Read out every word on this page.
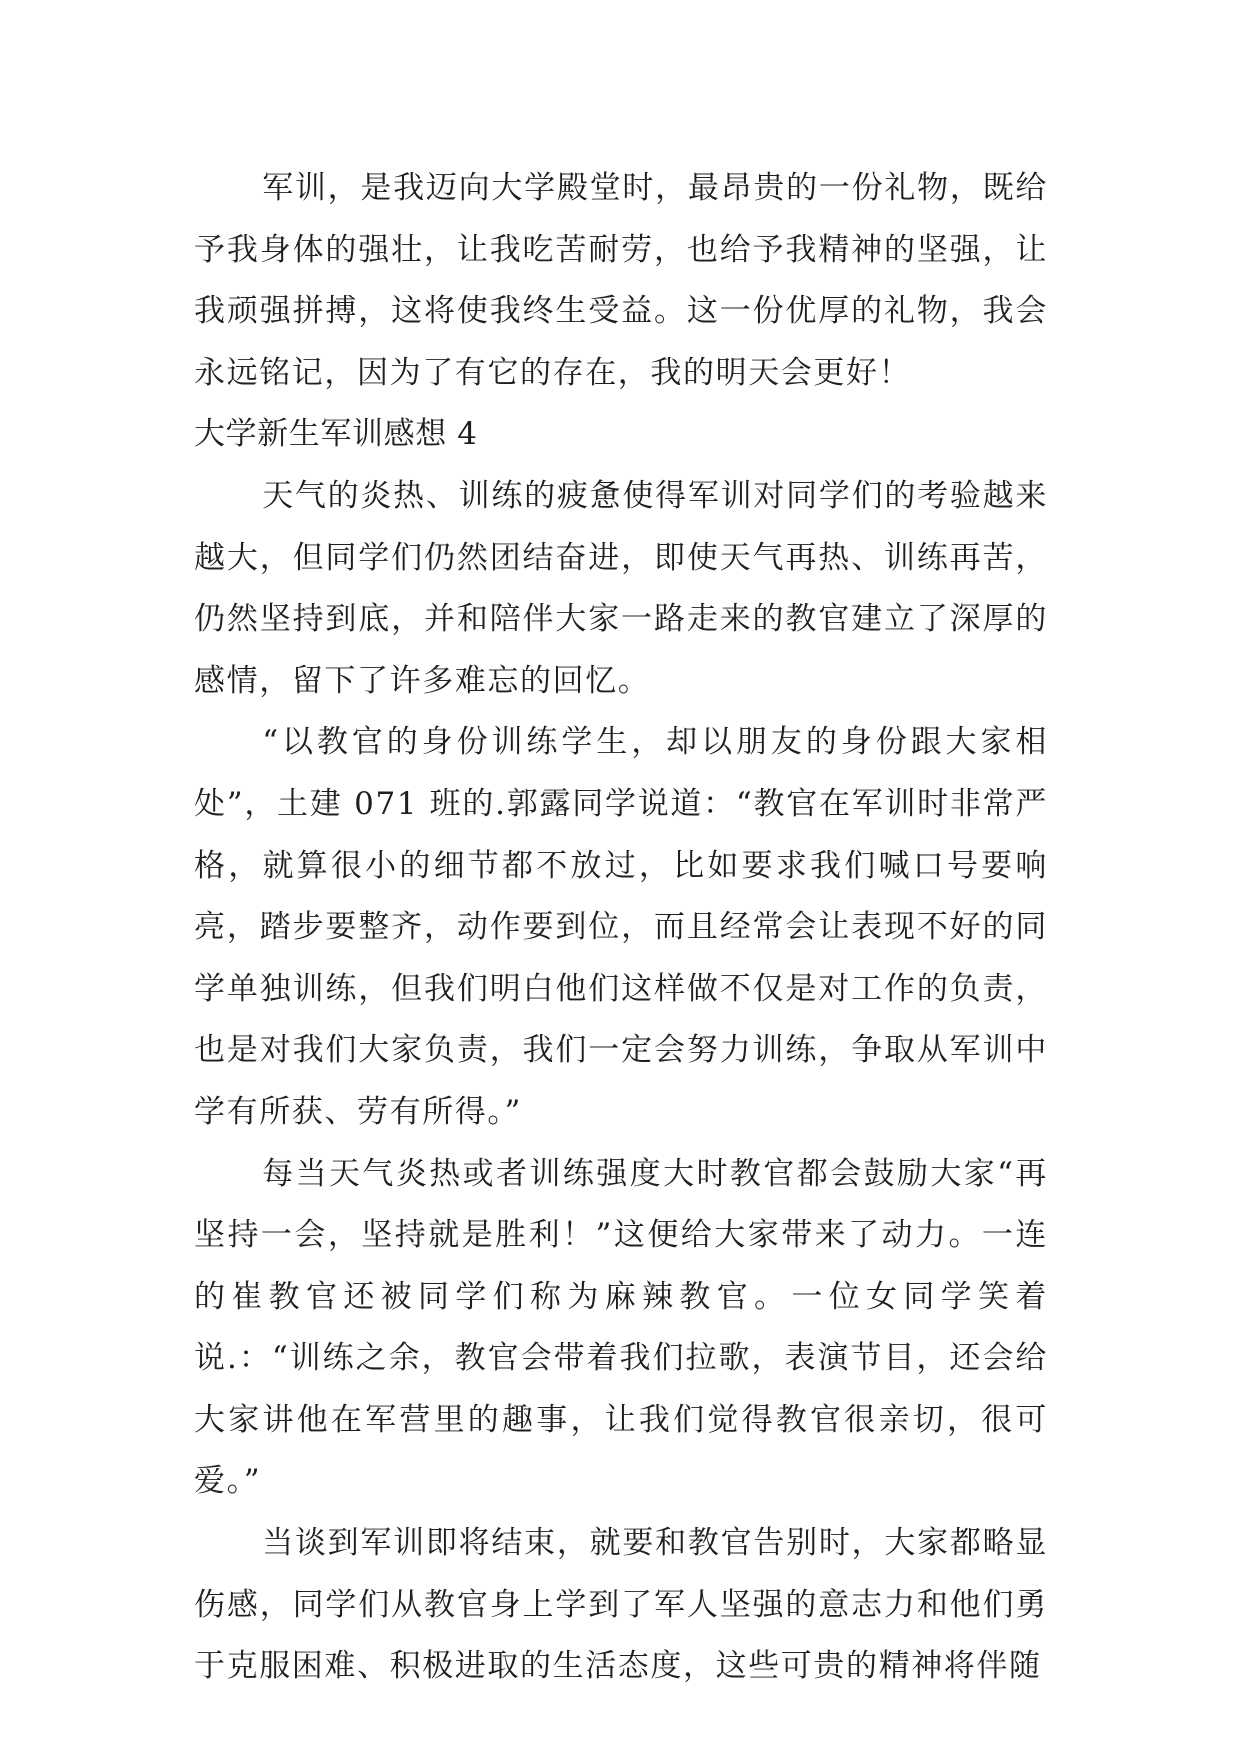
军训，是我迈向大学殿堂时，最昂贵的一份礼物，既给予我身体的强壮，让我吃苦耐劳，也给予我精神的坚强，让我顽强拼搏，这将使我终生受益。这一份优厚的礼物，我会永远铭记，因为了有它的存在，我的明天会更好！

大学新生军训感想 4

天气的炎热、训练的疲惫使得军训对同学们的考验越来越大，但同学们仍然团结奋进，即使天气再热、训练再苦，仍然坚持到底，并和陪伴大家一路走来的教官建立了深厚的感情，留下了许多难忘的回忆。

“以教官的身份训练学生，却以朋友的身份跟大家相处”，土建 071 班的.郭露同学说道：“教官在军训时非常严格，就算很小的细节都不放过，比如要求我们喊口号要响亮，踏步要整齐，动作要到位，而且经常会让表现不好的同学单独训练，但我们明白他们这样做不仅是对工作的负责，也是对我们大家负责，我们一定会努力训练，争取从军训中学有所获、劳有所得。”

每当天气炎热或者训练强度大时教官都会鼓励大家“再坚持一会，坚持就是胜利！”这便给大家带来了动力。一连的崔教官还被同学们称为麻辣教官。一位女同学笑着说.：“训练之余，教官会带着我们拉歌，表演节目，还会给大家讲他在军营里的趣事，让我们觉得教官很亲切，很可爱。”

当谈到军训即将结束，就要和教官告别时，大家都略显伤感，同学们从教官身上学到了军人坚强的意志力和他们勇于克服困难、积极进取的生活态度，这些可贵的精神将伴随
